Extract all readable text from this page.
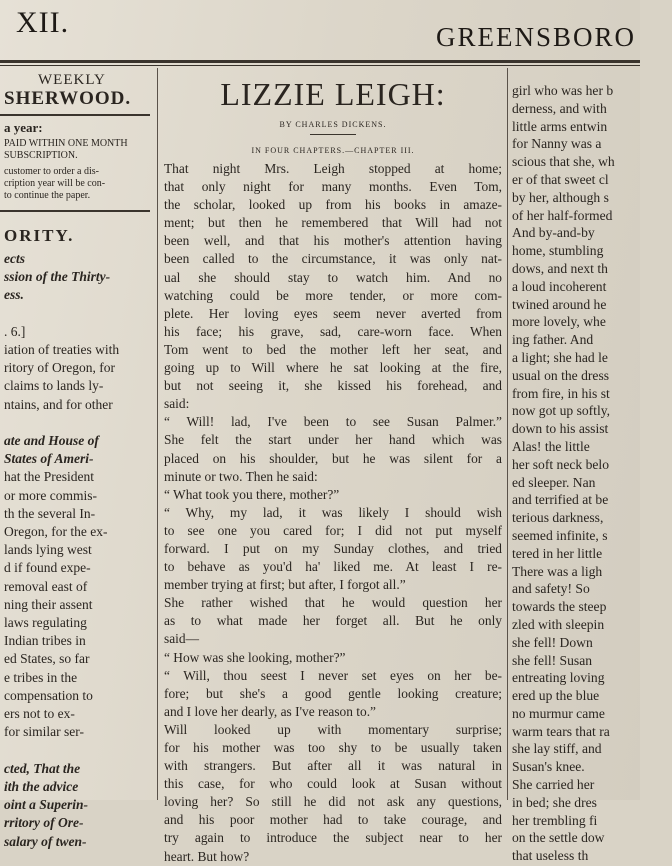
XII.	GREENSBORO
WEEKLY
SHERWOOD.
a year:
PAID WITHIN ONE MONTH
SUBSCRIPTION.
customer to order a dis-
cription year will be con-
to continue the paper.
ORITY.
ects
ssion of the Thirty-
ess.

. 6.]
iation of treaties with
ritory of Oregon, for
claims to lands ly-
ntains, and for other

ate and House of
States of Ameri-
hat the President
or more commis-
th the several In-
Oregon, for the ex-
lands lying west
d if found expe-
removal east of
ning their assent
laws regulating
Indian tribes in
ed States, so far
e tribes in the
compensation to
ers not to ex-
for similar ser-

cted, That the
ith the advice
oint a Superin-
rritory of Ore-
salary of twen-
LIZZIE LEIGH:
BY CHARLES DICKENS.
IN FOUR CHAPTERS.—CHAPTER III.
That night Mrs. Leigh stopped at home;
that only night for many months. Even Tom,
the scholar, looked up from his books in amaze-
ment; but then he remembered that Will had not
been well, and that his mother's attention having
been called to the circumstance, it was only nat-
ual she should stay to watch him. And no
watching could be more tender, or more com-
plete. Her loving eyes seem never averted from
his face; his grave, sad, care-worn face. When
Tom went to bed the mother left her seat, and
going up to Will where he sat looking at the fire,
but not seeing it, she kissed his forehead, and
said:
“ Will! lad, I've been to see Susan Palmer.”
She felt the start under her hand which was
placed on his shoulder, but he was silent for a
minute or two. Then he said:
“ What took you there, mother?”
“ Why, my lad, it was likely I should wish
to see one you cared for; I did not put myself
forward. I put on my Sunday clothes, and tried
to behave as you'd ha' liked me. At least I re-
member trying at first; but after, I forgot all.”
She rather wished that he would question her
as to what made her forget all. But he only
said—
“ How was she looking, mother?”
“ Will, thou seest I never set eyes on her be-
fore; but she's a good gentle looking creature;
and I love her dearly, as I've reason to.”
Will looked up with momentary surprise;
for his mother was too shy to be usually taken
with strangers. But after all it was natural in
this case, for who could look at Susan without
loving her? So still he did not ask any questions,
and his poor mother had to take courage, and
try again to introduce the subject near to her
heart. But how?
girl who was her b
derness, and with
little arms entwin
for Nanny was a
scious that she, wh
er of that sweet cl
by her, although s
of her half-formed
And by-and-by
home, stumbling
dows, and next th
a loud incoherent
twined around he
more lovely, whe
ing father. And
a light; she had le
usual on the dress
from fire, in his st
now got up softly,
down to his assist
Alas! the little
her soft neck belo
ed sleeper. Nan
and terrified at be
terious darkness,
seemed infinite, s
tered in her little
There was a ligh
and safety! So
towards the steep
zled with sleepin
she fell! Down
she fell! Susan
entreating loving
ered up the blue
no murmur came
warm tears that ra
she lay stiff, and
Susan's knee.
She carried her
in bed; she dres
her trembling fi
on the settle dow
that useless th
